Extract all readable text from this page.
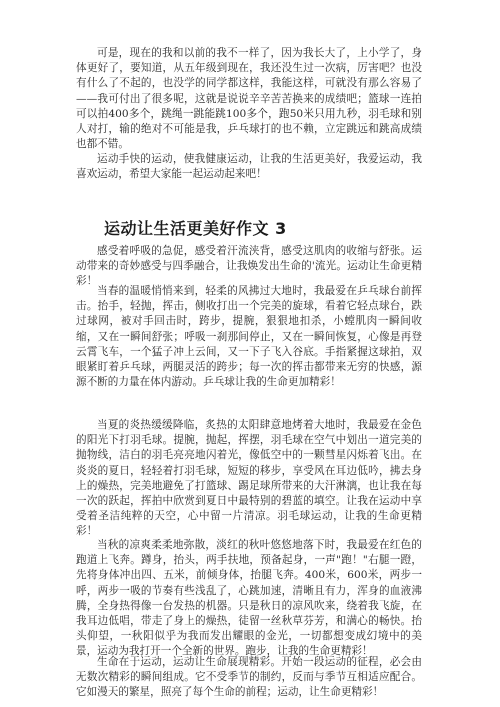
可是，现在的我和以前的我不一样了，因为我长大了，上小学了，身体更好了，要知道，从五年级到现在，我还没生过一次病，厉害吧？也没有什么了不起的，也没学的同学都这样，我能这样，可就没有那么容易了——我可付出了很多呢，这就是说说辛辛苦苦换来的成绩吧；篮球一连拍可以拍400多个，跳绳一跳能跳100多个，跑50米只用九秒，羽毛球和别人对打，输的绝对不可能是我，乒乓球打的也不赖，立定跳远和跳高成绩也都不错。

运动手快的运动，使我健康运动，让我的生活更美好，我爱运动，我喜欢运动，希望大家能一起运动起来吧！

运动让生活更美好作文 3

感受着呼吸的急促，感受着汗流浃背，感受这肌肉的收缩与舒张。运动带来的奇妙感受与四季融合，让我焕发出生命的'流光。运动让生命更精彩！

当春的温暖悄悄来到，轻柔的风拂过大地时，我最爱在乒乓球台前挥击。抬手，轻抛，挥击，侧收打出一个完美的旋球，看着它轻点球台，跌过球网，被对手回击时，跨步，提腕，狠狠地扣杀，小螳肌肉一瞬间收缩，又在一瞬间舒张；呼吸一刹那间停止，又在一瞬间恢复，心像是再登云霄飞车，一个猛子冲上云间，又一下子飞入谷底。手指紧握这球拍，双眼紧盯着乒乓球，两腿灵活的跨步；每一次的挥击都带来无穷的快感，源源不断的力量在体内游动。乒乓球让我的生命更加精彩！

当夏的炎热缓缓降临，炙热的太阳肆意地烤着大地时，我最爱在金色的阳光下打羽毛球。提腕，抛起，挥摆，羽毛球在空气中划出一道完美的抛物线，洁白的羽毛亮亮地闪着光，像低空中的一颗彗星闪烁着飞出。在炎炎的夏日，轻轻着打羽毛球，短短的移步，享受风在耳边低吟，拂去身上的燥热，完美地避免了打篮球、踢足球所带来的大汗淋漓，也让我在每一次的跃起，挥拍中欣赏到夏日中最特别的碧蓝的填空。让我在运动中享受着圣洁纯粹的天空，心中留一片清凉。羽毛球运动，让我的生命更精彩！

当秋的凉爽柔柔地弥散，淡红的秋叶悠悠地落下时，我最爱在红色的跑道上飞奔。蹲身，抬头，两手扶地，预备起身，一声"跑！"右腿一蹬，先将身体冲出四、五米，前倾身体，抬腿飞奔。400米，600米，两步一呼，两步一吸的节奏有些浅乱了，心跳加速，清晰且有力，浑身的血液沸腾，全身热得像一台发热的机器。只是秋日的凉风吹来，绕着我飞旋，在我耳边低唱，带走了身上的燥热，徒留一丝秋草芬芳，和满心的畅快。抬头仰望，一秋阳似乎为我而发出耀眼的金光，一切都想变成幻境中的美景，运动为我打开一个全新的世界。跑步，让我的生命更精彩！

生命在于运动，运动让生命展现精彩。开始一段运动的征程，必会由无数次精彩的瞬间组成。它不受季节的制约，反而与季节互相适应配合。它如漫天的繁星，照亮了每个生命的前程；运动，让生命更精彩！
